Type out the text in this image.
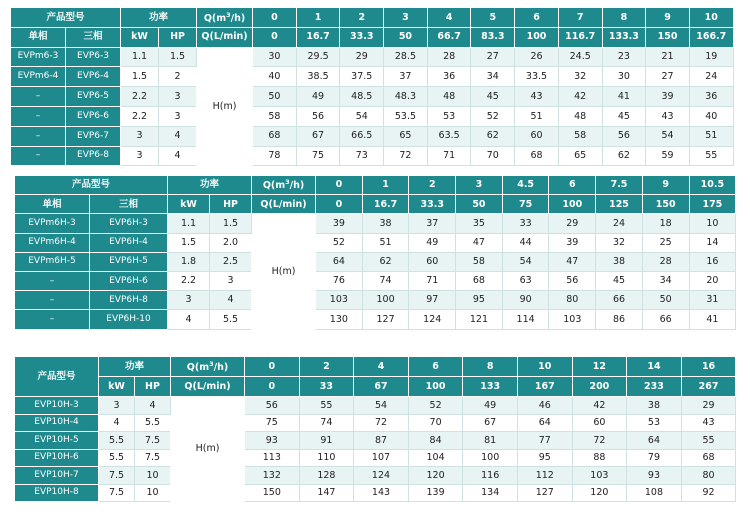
产品型号		功率		$Q(m^3/h)$	0	1	2	3	4	5	6	7	8	9	10
单相	三相	kW	HP	Q(L/min)	0	16.7	33.3	50	66.7	83.3	100	116.7	133.3	150	166.7
EVPm6-3	EVP6-3	1.1	1.5	H(m)	30	29.5	29	28.5	28	27	26	24.5	23	21	19
EVPm6-4	EVP6-4	1.5	2		40	38.5	37.5	37	36	34	33.5	32	30	27	24
–	EVP6-5	2.2	3		50	49	48.5	48.3	48	45	43	42	41	39	36
–	EVP6-6	2.2	3		58	56	54	53.5	53	52	51	48	45	43	40
–	EVP6-7	3	4		68	67	66.5	65	63.5	62	60	58	56	54	51
–	EVP6-8	3	4		78	75	73	72	71	70	68	65	62	59	55
产品型号		功率		$Q(m^3/h)$	0	1	2	3	4.5	6	7.5	9	10.5
单相	三相	kW	HP	Q(L/min)	0	16.7	33.3	50	75	100	125	150	175
EVPm6H-3	EVP6H-3	1.1	1.5	H(m)	39	38	37	35	33	29	24	18	10
EVPm6H-4	EVP6H-4	1.5	2.0		52	51	49	47	44	39	32	25	14
EVPm6H-5	EVP6H-5	1.8	2.5		64	62	60	58	54	47	38	28	16
–	EVP6H-6	2.2	3		76	74	71	68	63	56	45	34	20
–	EVP6H-8	3	4		103	100	97	95	90	80	66	50	31
–	EVP6H-10	4	5.5		130	127	124	121	114	103	86	66	41
产品型号	功率		$Q(m^3/h)$	0	2	4	6	8	10	12	14	16
	kW	HP	Q(L/min)	0	33	67	100	133	167	200	233	267
EVP10H-3	3	4	H(m)	56	55	54	52	49	46	42	38	29
EVP10H-4	4	5.5		75	74	72	70	67	64	60	53	43
EVP10H-5	5.5	7.5		93	91	87	84	81	77	72	64	55
EVP10H-6	5.5	7.5		113	110	107	104	100	95	88	79	68
EVP10H-7	7.5	10		132	128	124	120	116	112	103	93	80
EVP10H-8	7.5	10		150	147	143	139	134	127	120	108	92
